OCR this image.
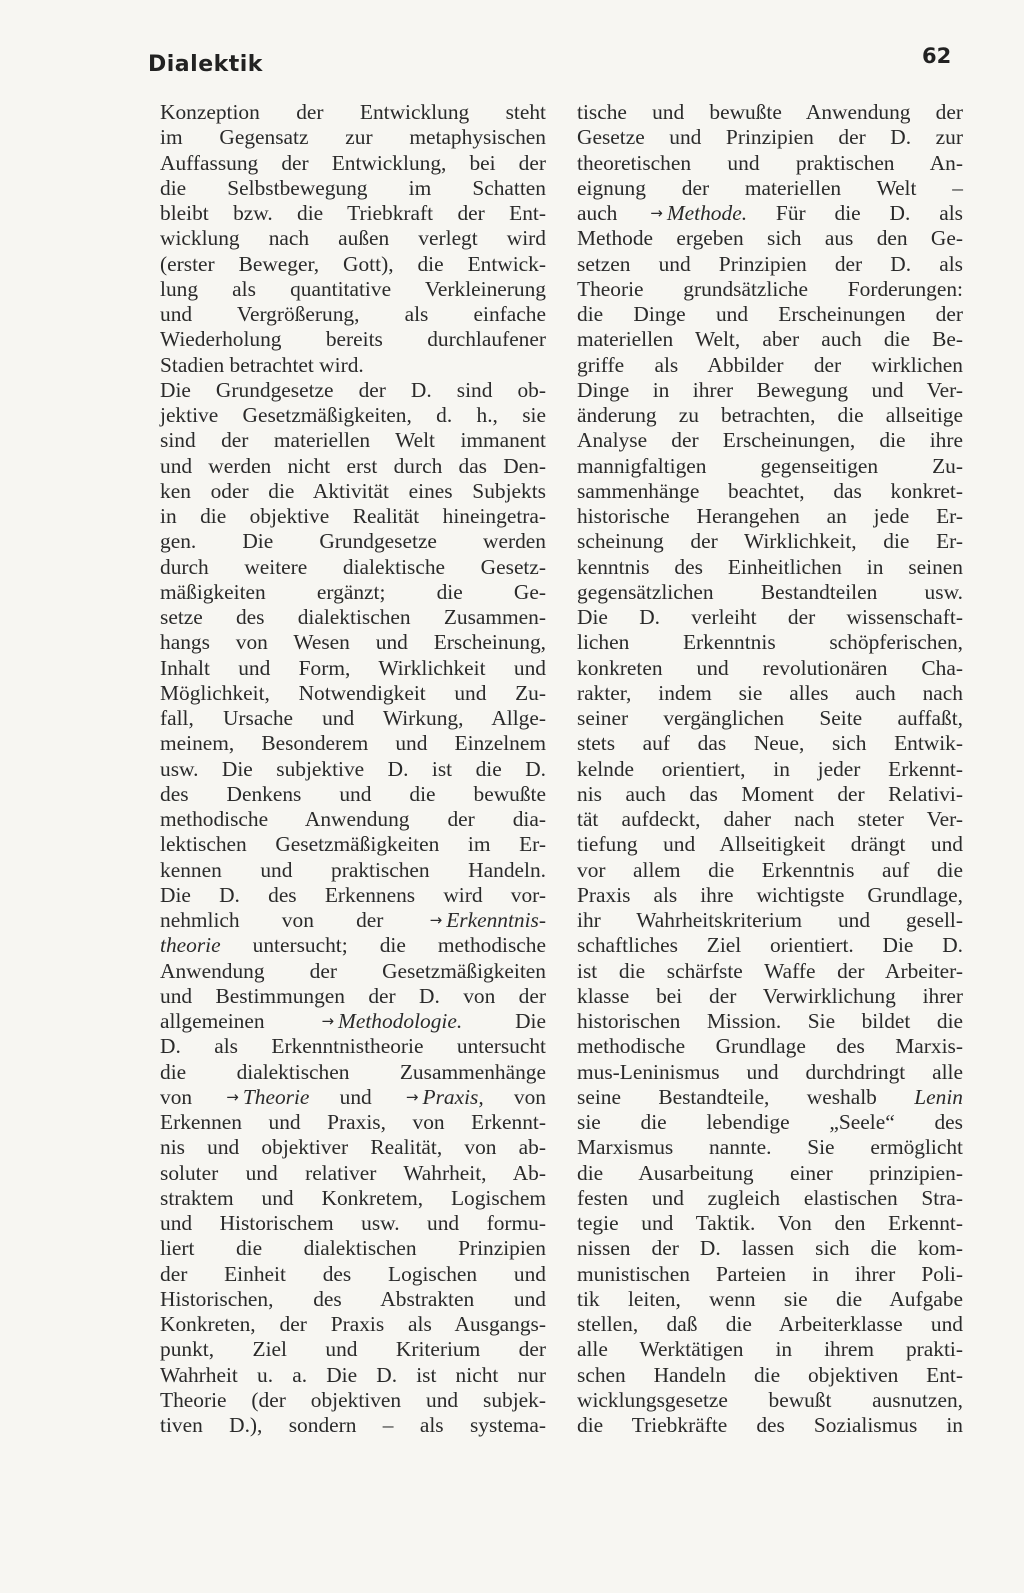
Dialektik	62
Konzeption der Entwicklung steht
im Gegensatz zur metaphysischen
Auffassung der Entwicklung, bei der
die Selbstbewegung im Schatten
bleibt bzw. die Triebkraft der Ent-
wicklung nach außen verlegt wird
(erster Beweger, Gott), die Entwick-
lung als quantitative Verkleinerung
und Vergrößerung, als einfache
Wiederholung bereits durchlaufener
Stadien betrachtet wird.
Die Grundgesetze der D. sind ob-
jektive Gesetzmäßigkeiten, d. h., sie
sind der materiellen Welt immanent
und werden nicht erst durch das Den-
ken oder die Aktivität eines Subjekts
in die objektive Realität hineingetra-
gen. Die Grundgesetze werden
durch weitere dialektische Gesetz-
mäßigkeiten ergänzt; die Ge-
setze des dialektischen Zusammen-
hangs von Wesen und Erscheinung,
Inhalt und Form, Wirklichkeit und
Möglichkeit, Notwendigkeit und Zu-
fall, Ursache und Wirkung, Allge-
meinem, Besonderem und Einzelnem
usw. Die subjektive D. ist die D.
des Denkens und die bewußte
methodische Anwendung der dia-
lektischen Gesetzmäßigkeiten im Er-
kennen und praktischen Handeln.
Die D. des Erkennens wird vor-
nehmlich von der → Erkenntnis-
theorie untersucht; die methodische
Anwendung der Gesetzmäßigkeiten
und Bestimmungen der D. von der
allgemeinen → Methodologie. Die
D. als Erkenntnistheorie untersucht
die dialektischen Zusammenhänge
von → Theorie und → Praxis, von
Erkennen und Praxis, von Erkennt-
nis und objektiver Realität, von ab-
soluter und relativer Wahrheit, Ab-
straktem und Konkretem, Logischem
und Historischem usw. und formu-
liert die dialektischen Prinzipien
der Einheit des Logischen und
Historischen, des Abstrakten und
Konkreten, der Praxis als Ausgangs-
punkt, Ziel und Kriterium der
Wahrheit u. a. Die D. ist nicht nur
Theorie (der objektiven und subjek-
tiven D.), sondern – als systema-
tische und bewußte Anwendung der
Gesetze und Prinzipien der D. zur
theoretischen und praktischen An-
eignung der materiellen Welt –
auch → Methode. Für die D. als
Methode ergeben sich aus den Ge-
setzen und Prinzipien der D. als
Theorie grundsätzliche Forderungen:
die Dinge und Erscheinungen der
materiellen Welt, aber auch die Be-
griffe als Abbilder der wirklichen
Dinge in ihrer Bewegung und Ver-
änderung zu betrachten, die allseitige
Analyse der Erscheinungen, die ihre
mannigfaltigen gegenseitigen Zu-
sammenhänge beachtet, das konkret-
historische Herangehen an jede Er-
scheinung der Wirklichkeit, die Er-
kenntnis des Einheitlichen in seinen
gegensätzlichen Bestandteilen usw.
Die D. verleiht der wissenschaft-
lichen Erkenntnis schöpferischen,
konkreten und revolutionären Cha-
rakter, indem sie alles auch nach
seiner vergänglichen Seite auffaßt,
stets auf das Neue, sich Entwik-
kelnde orientiert, in jeder Erkennt-
nis auch das Moment der Relativi-
tät aufdeckt, daher nach steter Ver-
tiefung und Allseitigkeit drängt und
vor allem die Erkenntnis auf die
Praxis als ihre wichtigste Grundlage,
ihr Wahrheitskriterium und gesell-
schaftliches Ziel orientiert. Die D.
ist die schärfste Waffe der Arbeiter-
klasse bei der Verwirklichung ihrer
historischen Mission. Sie bildet die
methodische Grundlage des Marxis-
mus-Leninismus und durchdringt alle
seine Bestandteile, weshalb Lenin
sie die lebendige „Seele“ des
Marxismus nannte. Sie ermöglicht
die Ausarbeitung einer prinzipien-
festen und zugleich elastischen Stra-
tegie und Taktik. Von den Erkennt-
nissen der D. lassen sich die kom-
munistischen Parteien in ihrer Poli-
tik leiten, wenn sie die Aufgabe
stellen, daß die Arbeiterklasse und
alle Werktätigen in ihrem prakti-
schen Handeln die objektiven Ent-
wicklungsgesetze bewußt ausnutzen,
die Triebkräfte des Sozialismus in
